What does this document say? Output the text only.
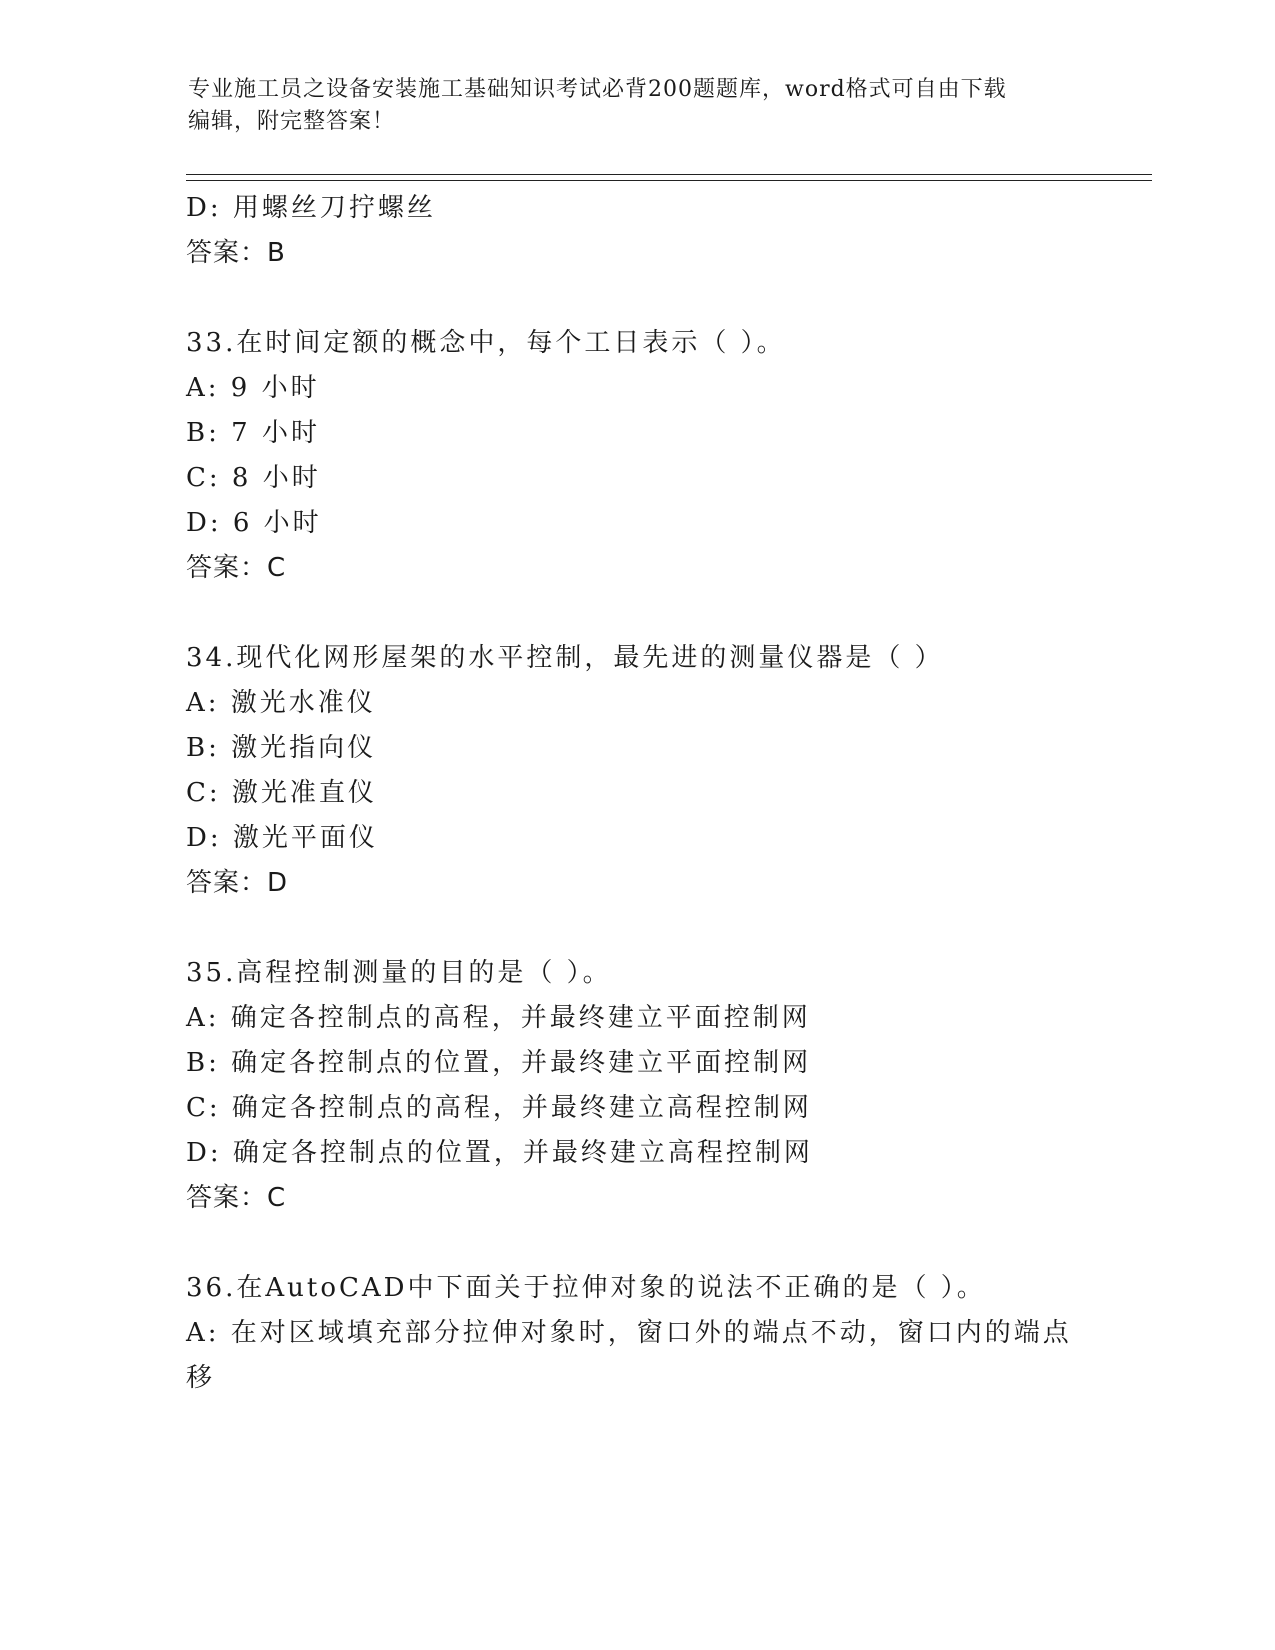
专业施工员之设备安装施工基础知识考试必背200题题库，word格式可自由下载
编辑，附完整答案！
D: 用螺丝刀拧螺丝
答案：B
33.在时间定额的概念中，每个工日表示（ ）。
A: 9 小时
B: 7 小时
C: 8 小时
D: 6 小时
答案：C
34.现代化网形屋架的水平控制，最先进的测量仪器是（ ）
A: 激光水准仪
B: 激光指向仪
C: 激光准直仪
D: 激光平面仪
答案：D
35.高程控制测量的目的是（ ）。
A: 确定各控制点的高程，并最终建立平面控制网
B: 确定各控制点的位置，并最终建立平面控制网
C: 确定各控制点的高程，并最终建立高程控制网
D: 确定各控制点的位置，并最终建立高程控制网
答案：C
36.在AutoCAD中下面关于拉伸对象的说法不正确的是（ ）。
A: 在对区域填充部分拉伸对象时，窗口外的端点不动，窗口内的端点
移
